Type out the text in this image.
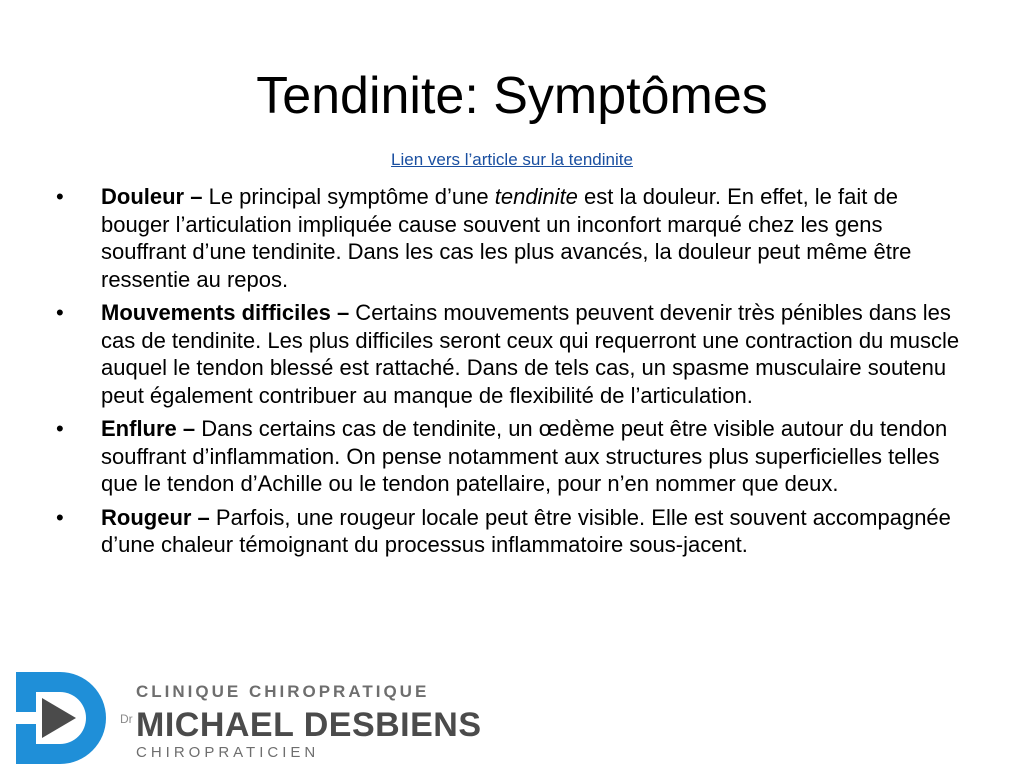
Tendinite: Symptômes
Lien vers l’article sur la tendinite
•	Douleur – Le principal symptôme d’une tendinite est la douleur. En effet, le fait de bouger l’articulation impliquée cause souvent un inconfort marqué chez les gens souffrant d’une tendinite. Dans les cas les plus avancés, la douleur peut même être ressentie au repos.
•	Mouvements difficiles – Certains mouvements peuvent devenir très pénibles dans les cas de tendinite. Les plus difficiles seront ceux qui requerront une contraction du muscle auquel le tendon blessé est rattaché. Dans de tels cas, un spasme musculaire soutenu peut également contribuer au manque de flexibilité de l’articulation.
•	Enflure – Dans certains cas de tendinite, un œdème peut être visible autour du tendon souffrant d’inflammation. On pense notamment aux structures plus superficielles telles que le tendon d’Achille ou le tendon patellaire, pour n’en nommer que deux.
•	Rougeur – Parfois, une rougeur locale peut être visible. Elle est souvent accompagnée d’une chaleur témoignant du processus inflammatoire sous-jacent.
CLINIQUE CHIROPRATIQUE
Dr MICHAEL DESBIENS
CHIROPRATICIEN
